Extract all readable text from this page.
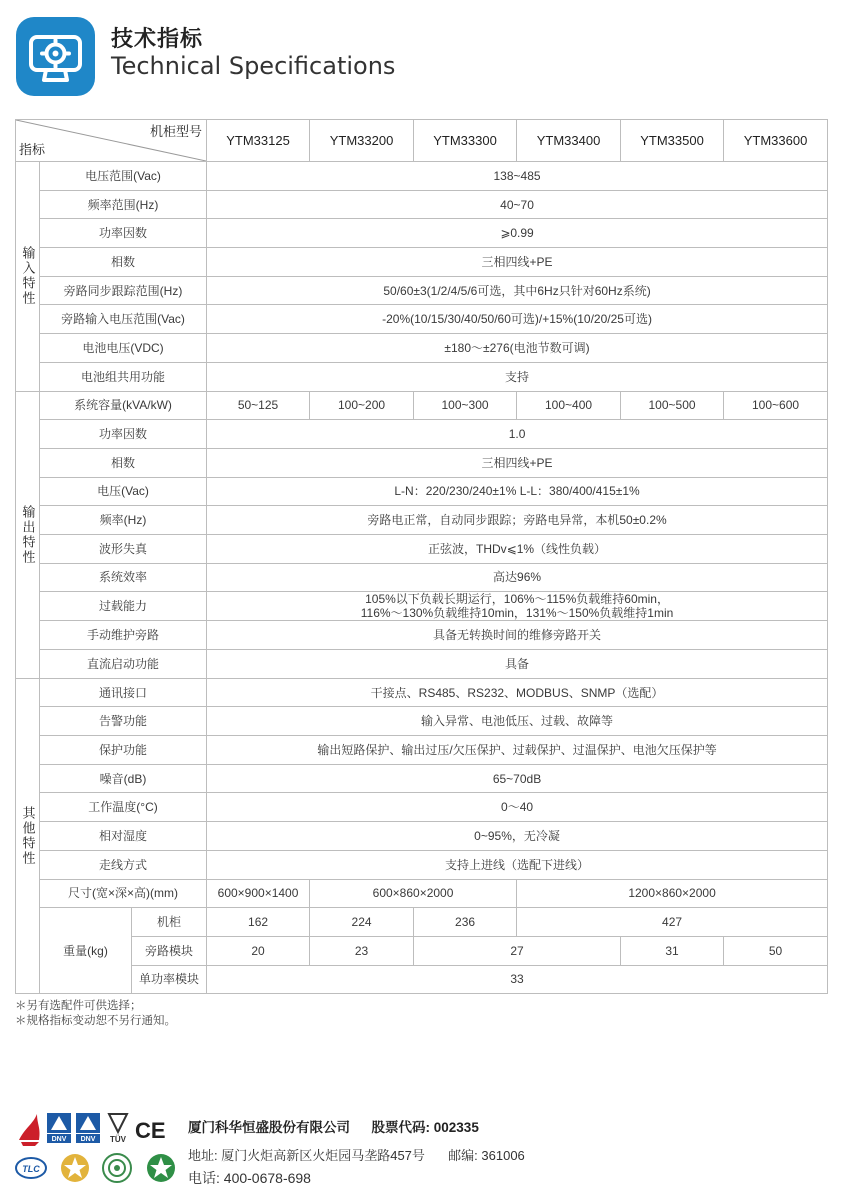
技术指标
Technical Specifications
机柜型号
指标			YTM33125	YTM33200	YTM33300	YTM33400	YTM33500	YTM33600
输入特性	电压范围(Vac)		138~485					
	频率范围(Hz)		40~70					
	功率因数		⩾0.99					
	相数		三相四线+PE					
	旁路同步跟踪范围(Hz)		50/60±3(1/2/4/5/6可选，其中6Hz只针对60Hz系统)					
	旁路输入电压范围(Vac)		-20%(10/15/30/40/50/60可选)/+15%(10/20/25可选)					
	电池电压(VDC)		±180～±276(电池节数可调)					
	电池组共用功能		支持					
输出特性	系统容量(kVA/kW)		50~125	100~200	100~300	100~400	100~500	100~600
	功率因数		1.0					
	相数		三相四线+PE					
	电压(Vac)		L-N：220/230/240±1% L-L：380/400/415±1%					
	频率(Hz)		旁路电正常，自动同步跟踪；旁路电异常，本机50±0.2%					
	波形失真		正弦波，THDv⩽1%（线性负载）					
	系统效率		高达96%					
	过载能力		105%以下负载长期运行，106%～115%负载维持60min，
116%～130%负载维持10min，131%～150%负载维持1min					

	手动维护旁路		具备无转换时间的维修旁路开关					
	直流启动功能		具备					
其他特性	通讯接口		干接点、RS485、RS232、MODBUS、SNMP（选配）					
	告警功能		输入异常、电池低压、过载、故障等					
	保护功能		输出短路保护、输出过压/欠压保护、过载保护、过温保护、电池欠压保护等					
	噪音(dB)		65~70dB					
	工作温度(°C)		0～40					
	相对湿度		0~95%，无冷凝					
	走线方式		支持上进线（选配下进线）					
	尺寸(宽×深×高)(mm)		600×900×1400	600×860×2000		1200×860×2000		
	重量(kg)	机柜	162	224	236	427		
		旁路模块	20	23	27		31	50
		单功率模块	33					
＊另有选配件可供选择；
＊规格指标变动恕不另行通知。
DNV DNV TÜV CE
TLC
厦门科华恒盛股份有限公司 股票代码: 002335
地址: 厦门火炬高新区火炬园马垄路457号 邮编: 361006
电话: 400-0678-698
